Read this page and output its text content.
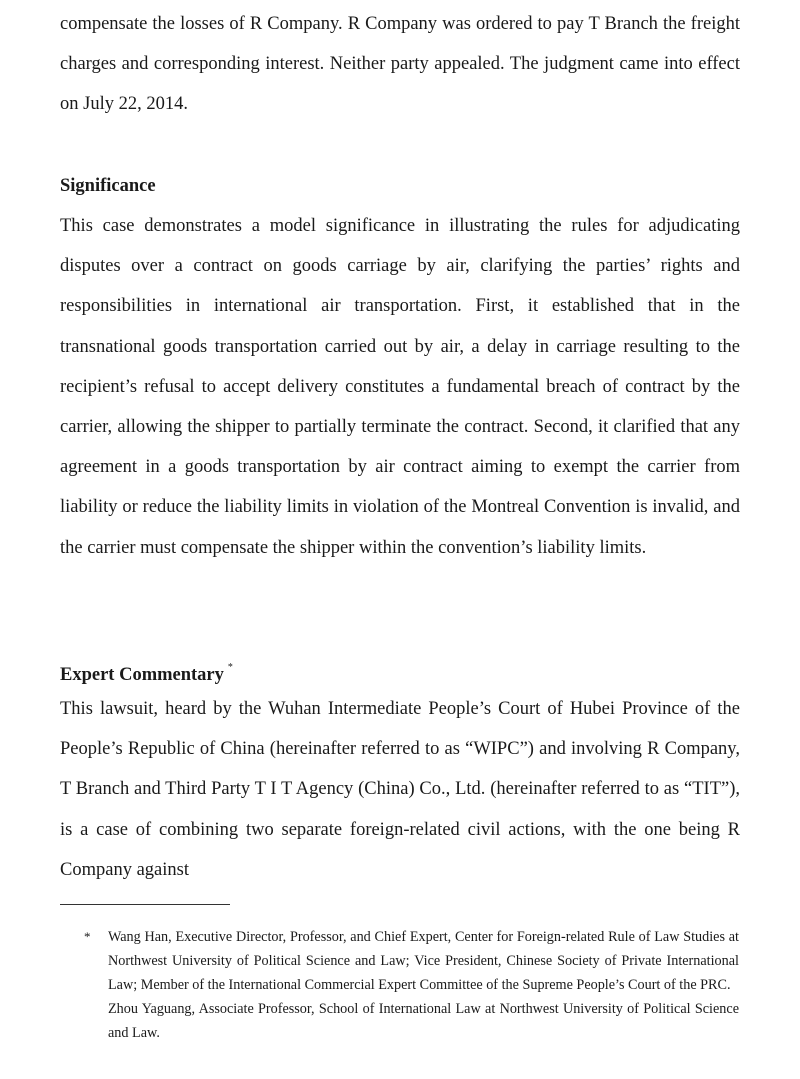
compensate the losses of R Company. R Company was ordered to pay T Branch the freight charges and corresponding interest. Neither party appealed. The judgment came into effect on July 22, 2014.

Significance

This case demonstrates a model significance in illustrating the rules for adjudicating disputes over a contract on goods carriage by air, clarifying the parties’ rights and responsibilities in international air transportation. First, it established that in the transnational goods transportation carried out by air, a delay in carriage resulting to the recipient’s refusal to accept delivery constitutes a fundamental breach of contract by the carrier, allowing the shipper to partially terminate the contract. Second, it clarified that any agreement in a goods transportation by air contract aiming to exempt the carrier from liability or reduce the liability limits in violation of the Montreal Convention is invalid, and the carrier must compensate the shipper within the convention’s liability limits.

Expert Commentary *

This lawsuit, heard by the Wuhan Intermediate People’s Court of Hubei Province of the People’s Republic of China (hereinafter referred to as “WIPC”) and involving R Company, T Branch and Third Party T I T Agency (China) Co., Ltd. (hereinafter referred to as “TIT”), is a case of combining two separate foreign-related civil actions, with the one being R Company against

* Wang Han, Executive Director, Professor, and Chief Expert, Center for Foreign-related Rule of Law Studies at Northwest University of Political Science and Law; Vice President, Chinese Society of Private International Law; Member of the International Commercial Expert Committee of the Supreme People’s Court of the PRC.

Zhou Yaguang, Associate Professor, School of International Law at Northwest University of Political Science and Law.
